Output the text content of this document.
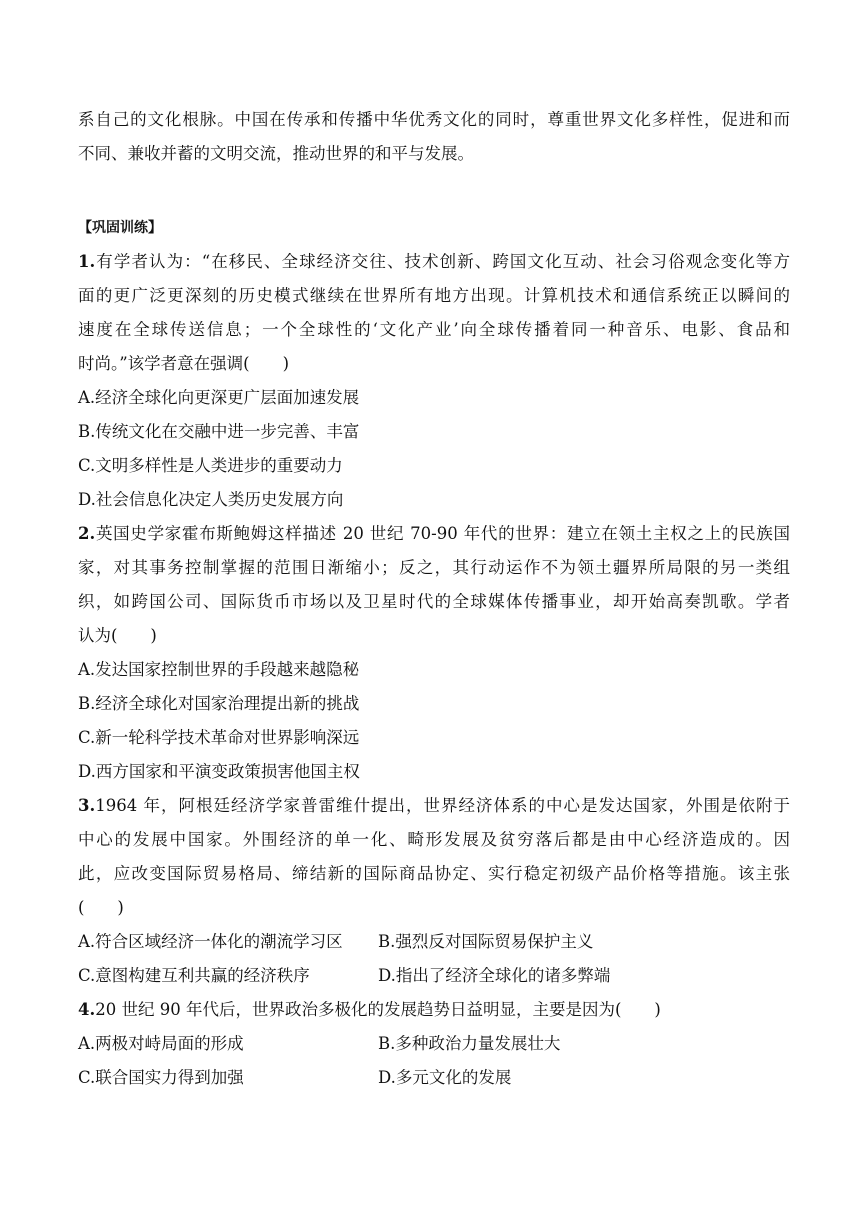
系自己的文化根脉。中国在传承和传播中华优秀文化的同时，尊重世界文化多样性，促进和而
不同、兼收并蓄的文明交流，推动世界的和平与发展。
【巩固训练】
1.有学者认为：“在移民、全球经济交往、技术创新、跨国文化互动、社会习俗观念变化等方
面的更广泛更深刻的历史模式继续在世界所有地方出现。计算机技术和通信系统正以瞬间的
速度在全球传送信息；一个全球性的‘文化产业’向全球传播着同一种音乐、电影、食品和
时尚。”该学者意在强调(　　)
A.经济全球化向更深更广层面加速发展
B.传统文化在交融中进一步完善、丰富
C.文明多样性是人类进步的重要动力
D.社会信息化决定人类历史发展方向
2.英国史学家霍布斯鲍姆这样描述 20 世纪 70-90 年代的世界：建立在领土主权之上的民族国
家，对其事务控制掌握的范围日渐缩小；反之，其行动运作不为领土疆界所局限的另一类组
织，如跨国公司、国际货币市场以及卫星时代的全球媒体传播事业，却开始高奏凯歌。学者
认为(　　)
A.发达国家控制世界的手段越来越隐秘
B.经济全球化对国家治理提出新的挑战
C.新一轮科学技术革命对世界影响深远
D.西方国家和平演变政策损害他国主权
3.1964 年，阿根廷经济学家普雷维什提出，世界经济体系的中心是发达国家，外围是依附于
中心的发展中国家。外围经济的单一化、畸形发展及贫穷落后都是由中心经济造成的。因
此，应改变国际贸易格局、缔结新的国际商品协定、实行稳定初级产品价格等措施。该主张
(　　)
A.符合区域经济一体化的潮流学习区	B.强烈反对国际贸易保护主义
C.意图构建互利共赢的经济秩序	D.指出了经济全球化的诸多弊端
4.20 世纪 90 年代后，世界政治多极化的发展趋势日益明显，主要是因为(　　)
A.两极对峙局面的形成	B.多种政治力量发展壮大
C.联合国实力得到加强	D.多元文化的发展
